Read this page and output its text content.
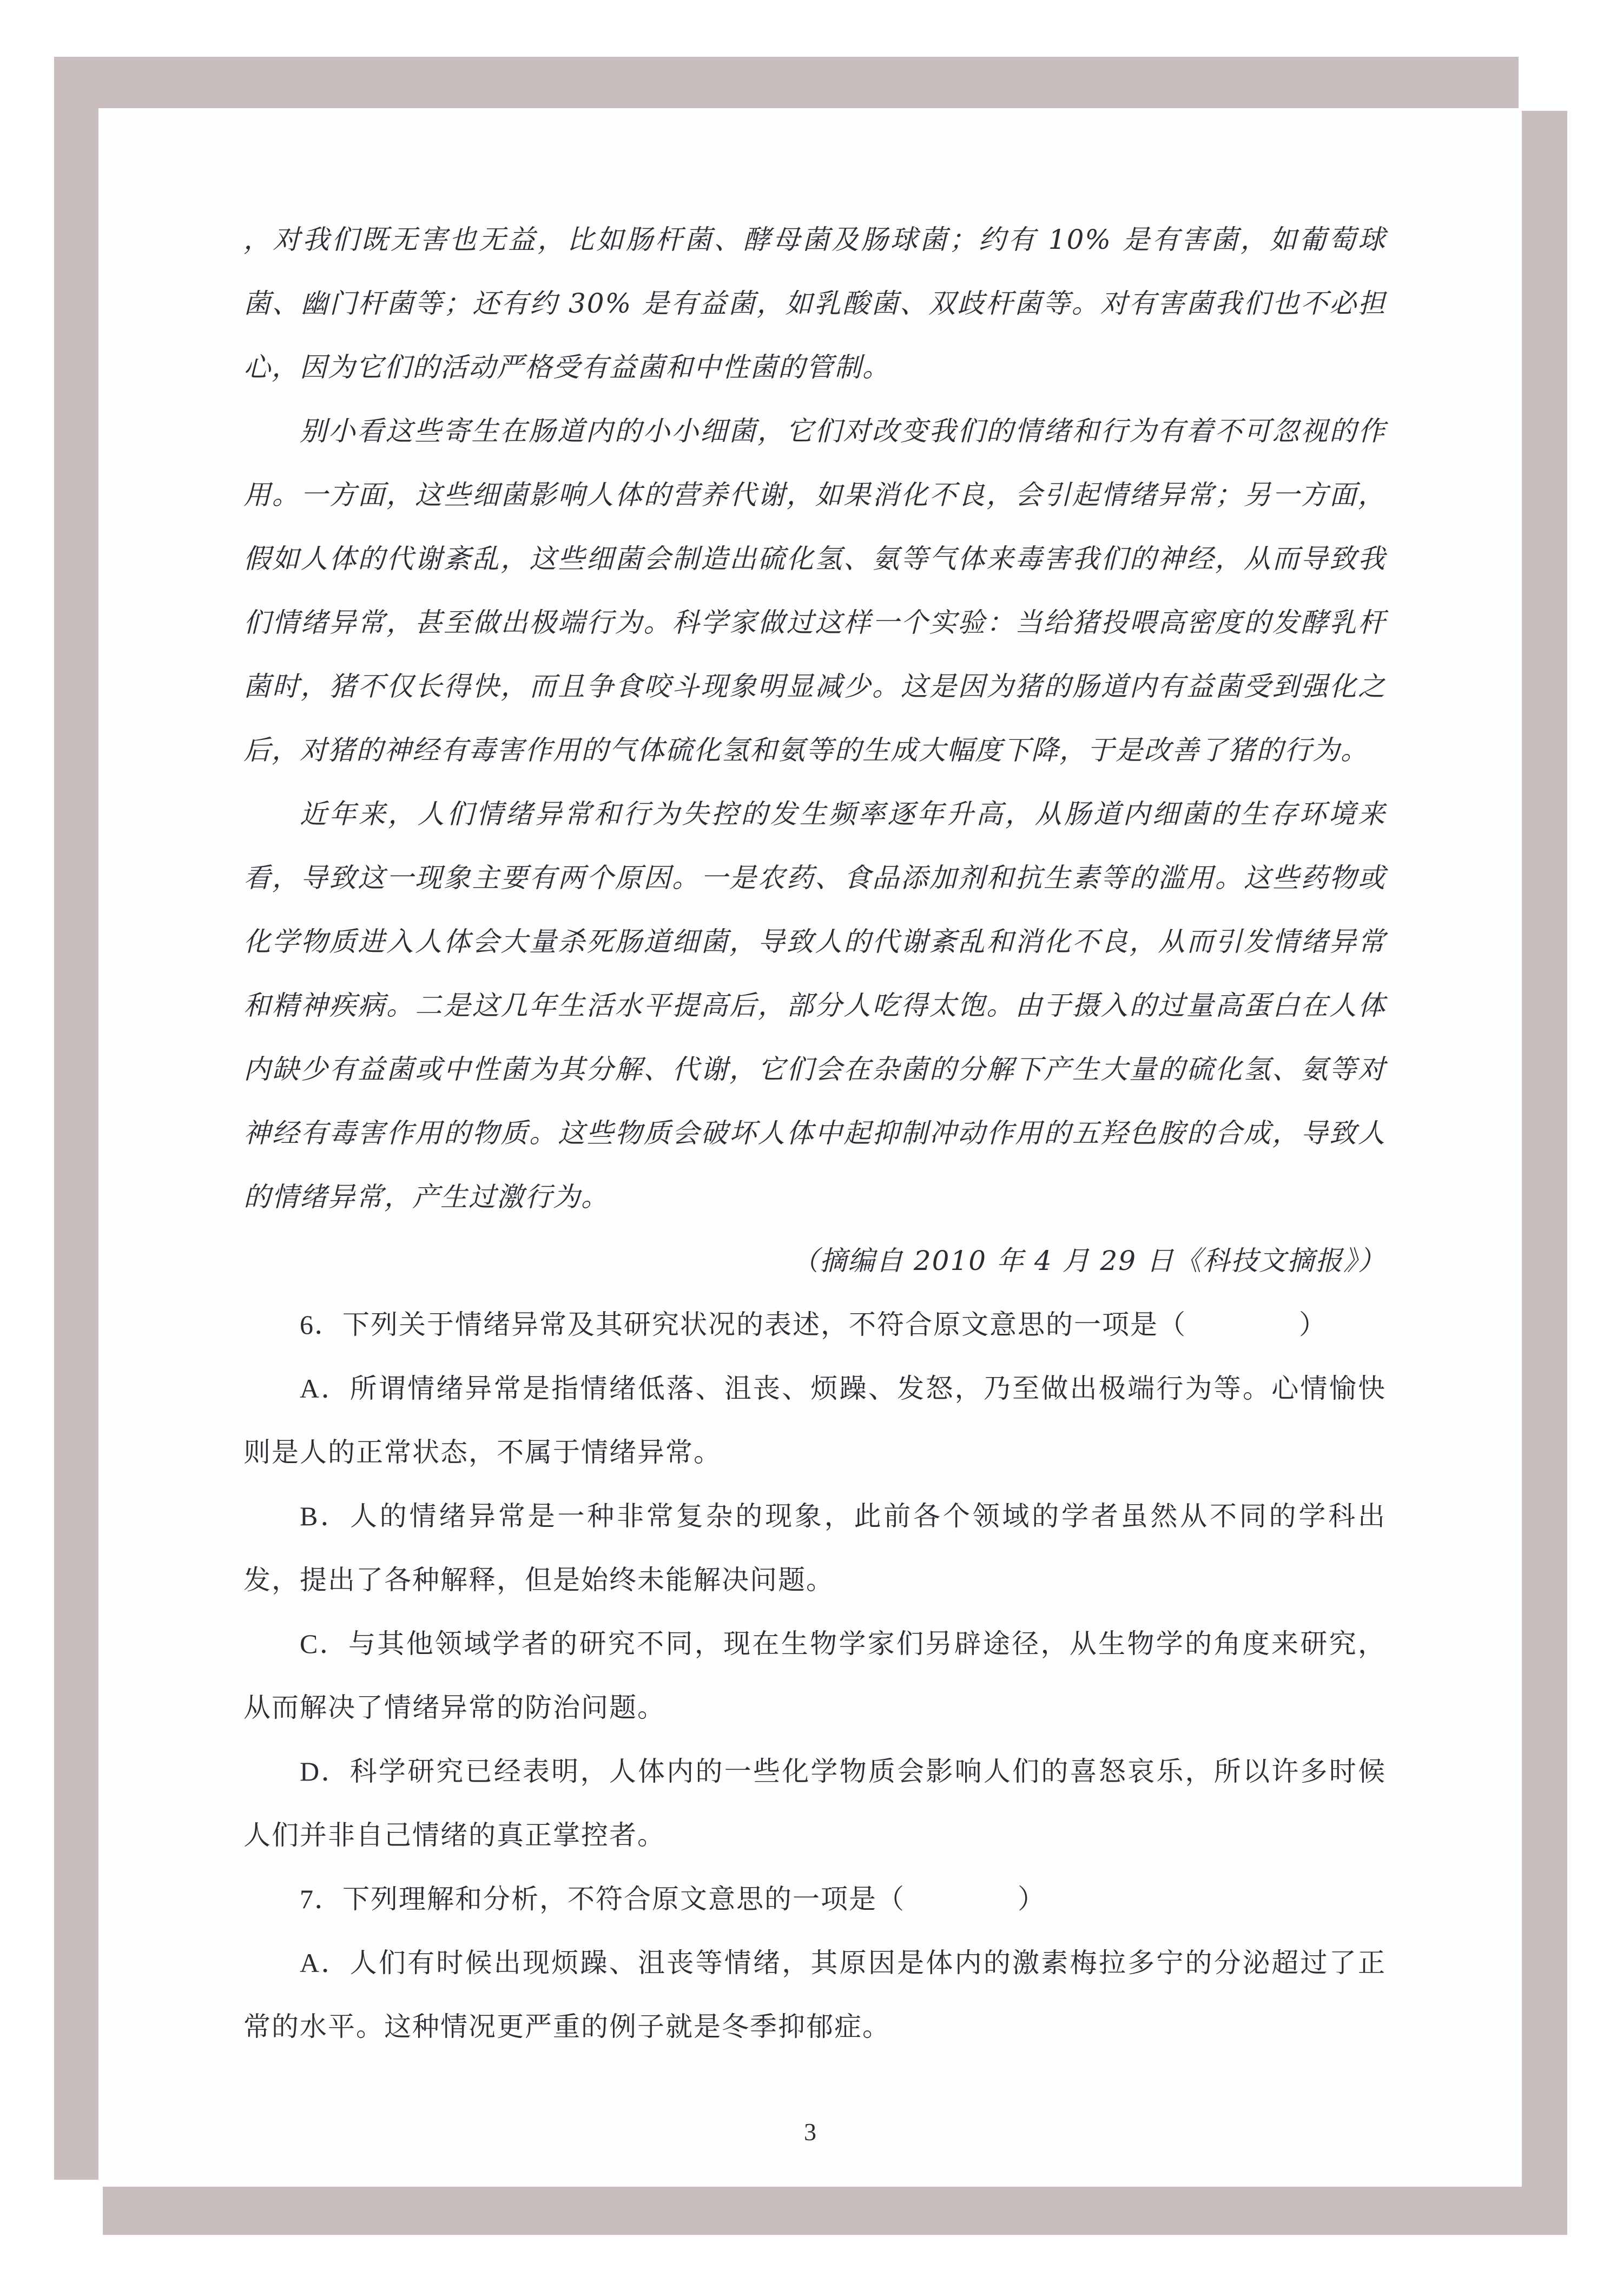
，对我们既无害也无益，比如肠杆菌、酵母菌及肠球菌；约有 10% 是有害菌，如葡萄球菌、幽门杆菌等；还有约 30% 是有益菌，如乳酸菌、双歧杆菌等。对有害菌我们也不必担心，因为它们的活动严格受有益菌和中性菌的管制。

别小看这些寄生在肠道内的小小细菌，它们对改变我们的情绪和行为有着不可忽视的作用。一方面，这些细菌影响人体的营养代谢，如果消化不良，会引起情绪异常；另一方面，假如人体的代谢紊乱，这些细菌会制造出硫化氢、氨等气体来毒害我们的神经，从而导致我们情绪异常，甚至做出极端行为。科学家做过这样一个实验：当给猪投喂高密度的发酵乳杆菌时，猪不仅长得快，而且争食咬斗现象明显减少。这是因为猪的肠道内有益菌受到强化之后，对猪的神经有毒害作用的气体硫化氢和氨等的生成大幅度下降，于是改善了猪的行为。

近年来，人们情绪异常和行为失控的发生频率逐年升高，从肠道内细菌的生存环境来看，导致这一现象主要有两个原因。一是农药、食品添加剂和抗生素等的滥用。这些药物或化学物质进入人体会大量杀死肠道细菌，导致人的代谢紊乱和消化不良，从而引发情绪异常和精神疾病。二是这几年生活水平提高后，部分人吃得太饱。由于摄入的过量高蛋白在人体内缺少有益菌或中性菌为其分解、代谢，它们会在杂菌的分解下产生大量的硫化氢、氨等对神经有毒害作用的物质。这些物质会破坏人体中起抑制冲动作用的五羟色胺的合成，导致人的情绪异常，产生过激行为。

（摘编自 2010 年 4 月 29 日《科技文摘报》）

6．下列关于情绪异常及其研究状况的表述，不符合原文意思的一项是（　　　　）

A．所谓情绪异常是指情绪低落、沮丧、烦躁、发怒，乃至做出极端行为等。心情愉快则是人的正常状态，不属于情绪异常。

B．人的情绪异常是一种非常复杂的现象，此前各个领域的学者虽然从不同的学科出发，提出了各种解释，但是始终未能解决问题。

C．与其他领域学者的研究不同，现在生物学家们另辟途径，从生物学的角度来研究，从而解决了情绪异常的防治问题。

D．科学研究已经表明，人体内的一些化学物质会影响人们的喜怒哀乐，所以许多时候人们并非自己情绪的真正掌控者。

7．下列理解和分析，不符合原文意思的一项是（　　　　）

A．人们有时候出现烦躁、沮丧等情绪，其原因是体内的激素梅拉多宁的分泌超过了正常的水平。这种情况更严重的例子就是冬季抑郁症。

3
